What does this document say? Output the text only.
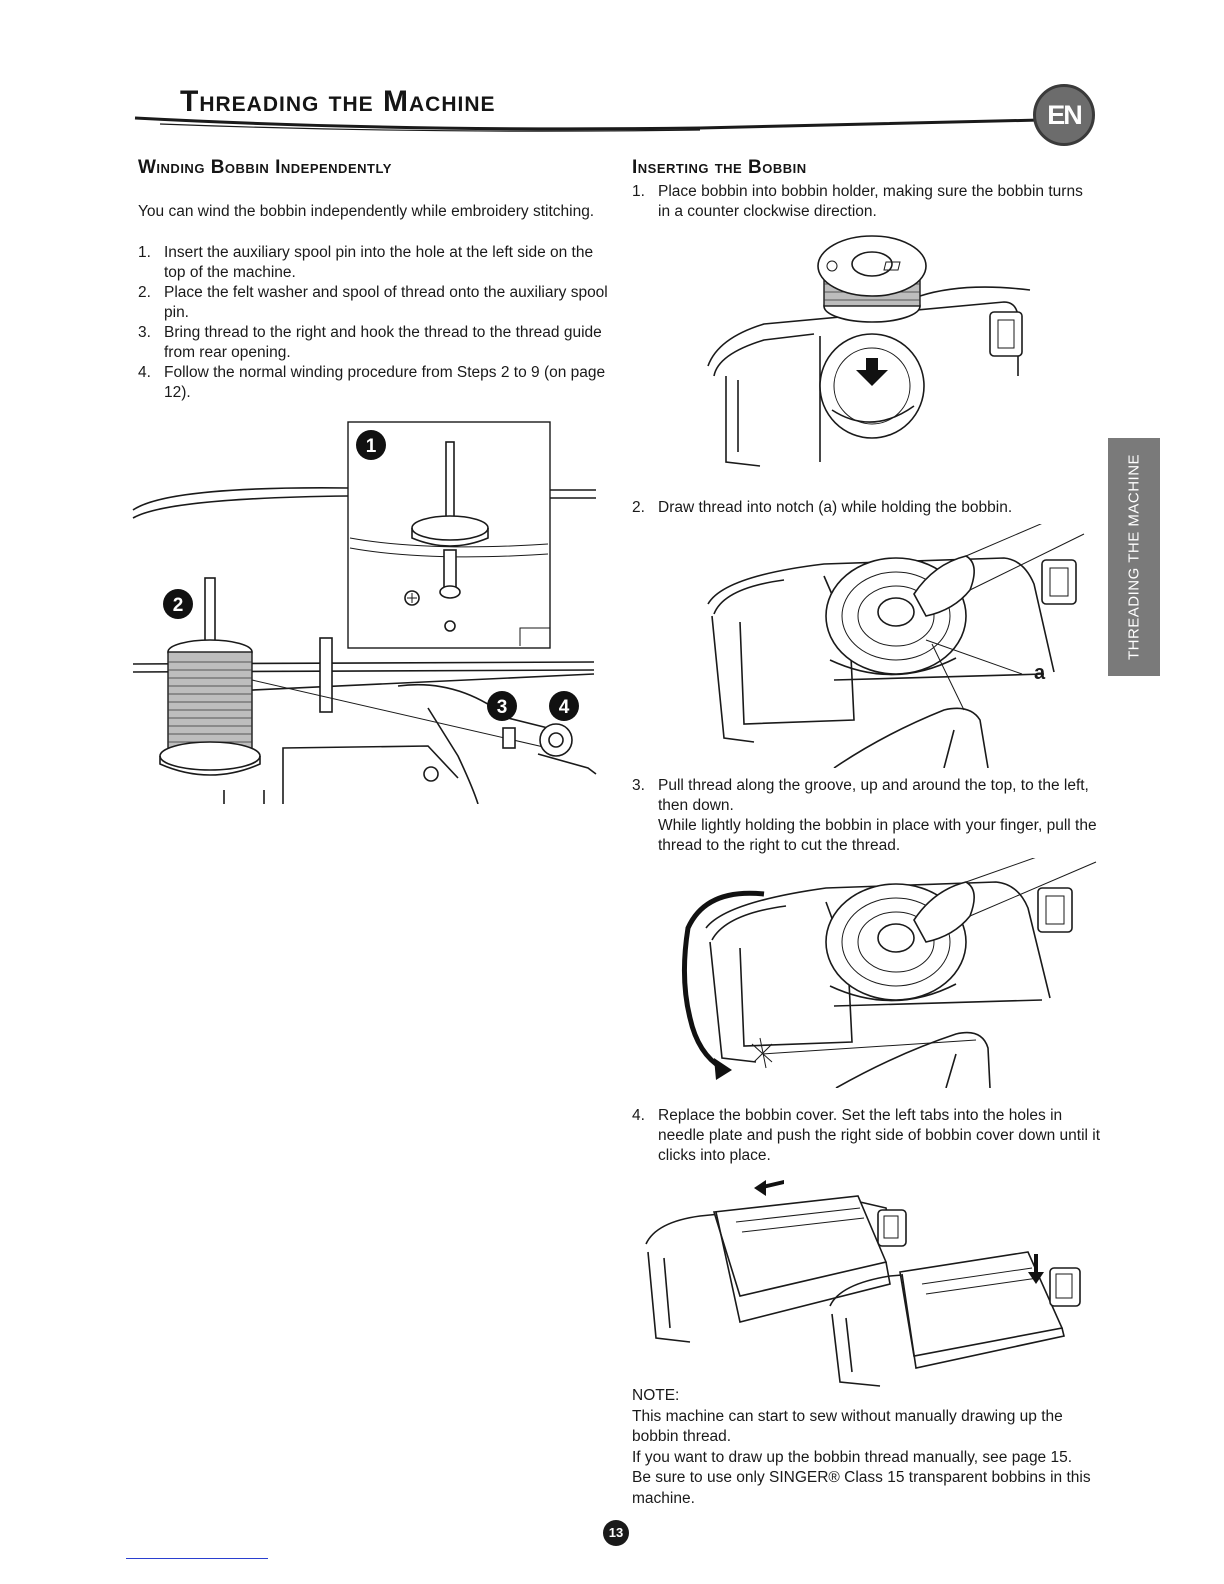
Threading the Machine	EN
THREADING THE MACHINE
Winding Bobbin Independently
You can wind the bobbin independently while embroidery stitching.
1. Insert the auxiliary spool pin into the hole at the left side on the top of the machine.
2. Place the felt washer and spool of thread onto the auxiliary spool pin.
3. Bring thread to the right and hook the thread to the thread guide from rear opening.
4. Follow the normal winding procedure from Steps 2 to 9 (on page 12).
1
2
3	4
Inserting the Bobbin
1. Place bobbin into bobbin holder, making sure the bobbin turns in a counter clockwise direction.
2. Draw thread into notch (a) while holding the bobbin.
a
3. Pull thread along the groove, up and around the top, to the left, then down.
While lightly holding the bobbin in place with your finger, pull the thread to the right to cut the thread.
4. Replace the bobbin cover. Set the left tabs into the holes in needle plate and push the right side of bobbin cover down until it clicks into place.
NOTE:
This machine can start to sew without manually drawing up the bobbin thread.
If you want to draw up the bobbin thread manually, see page 15.
Be sure to use only SINGER® Class 15 transparent bobbins in this machine.
13
